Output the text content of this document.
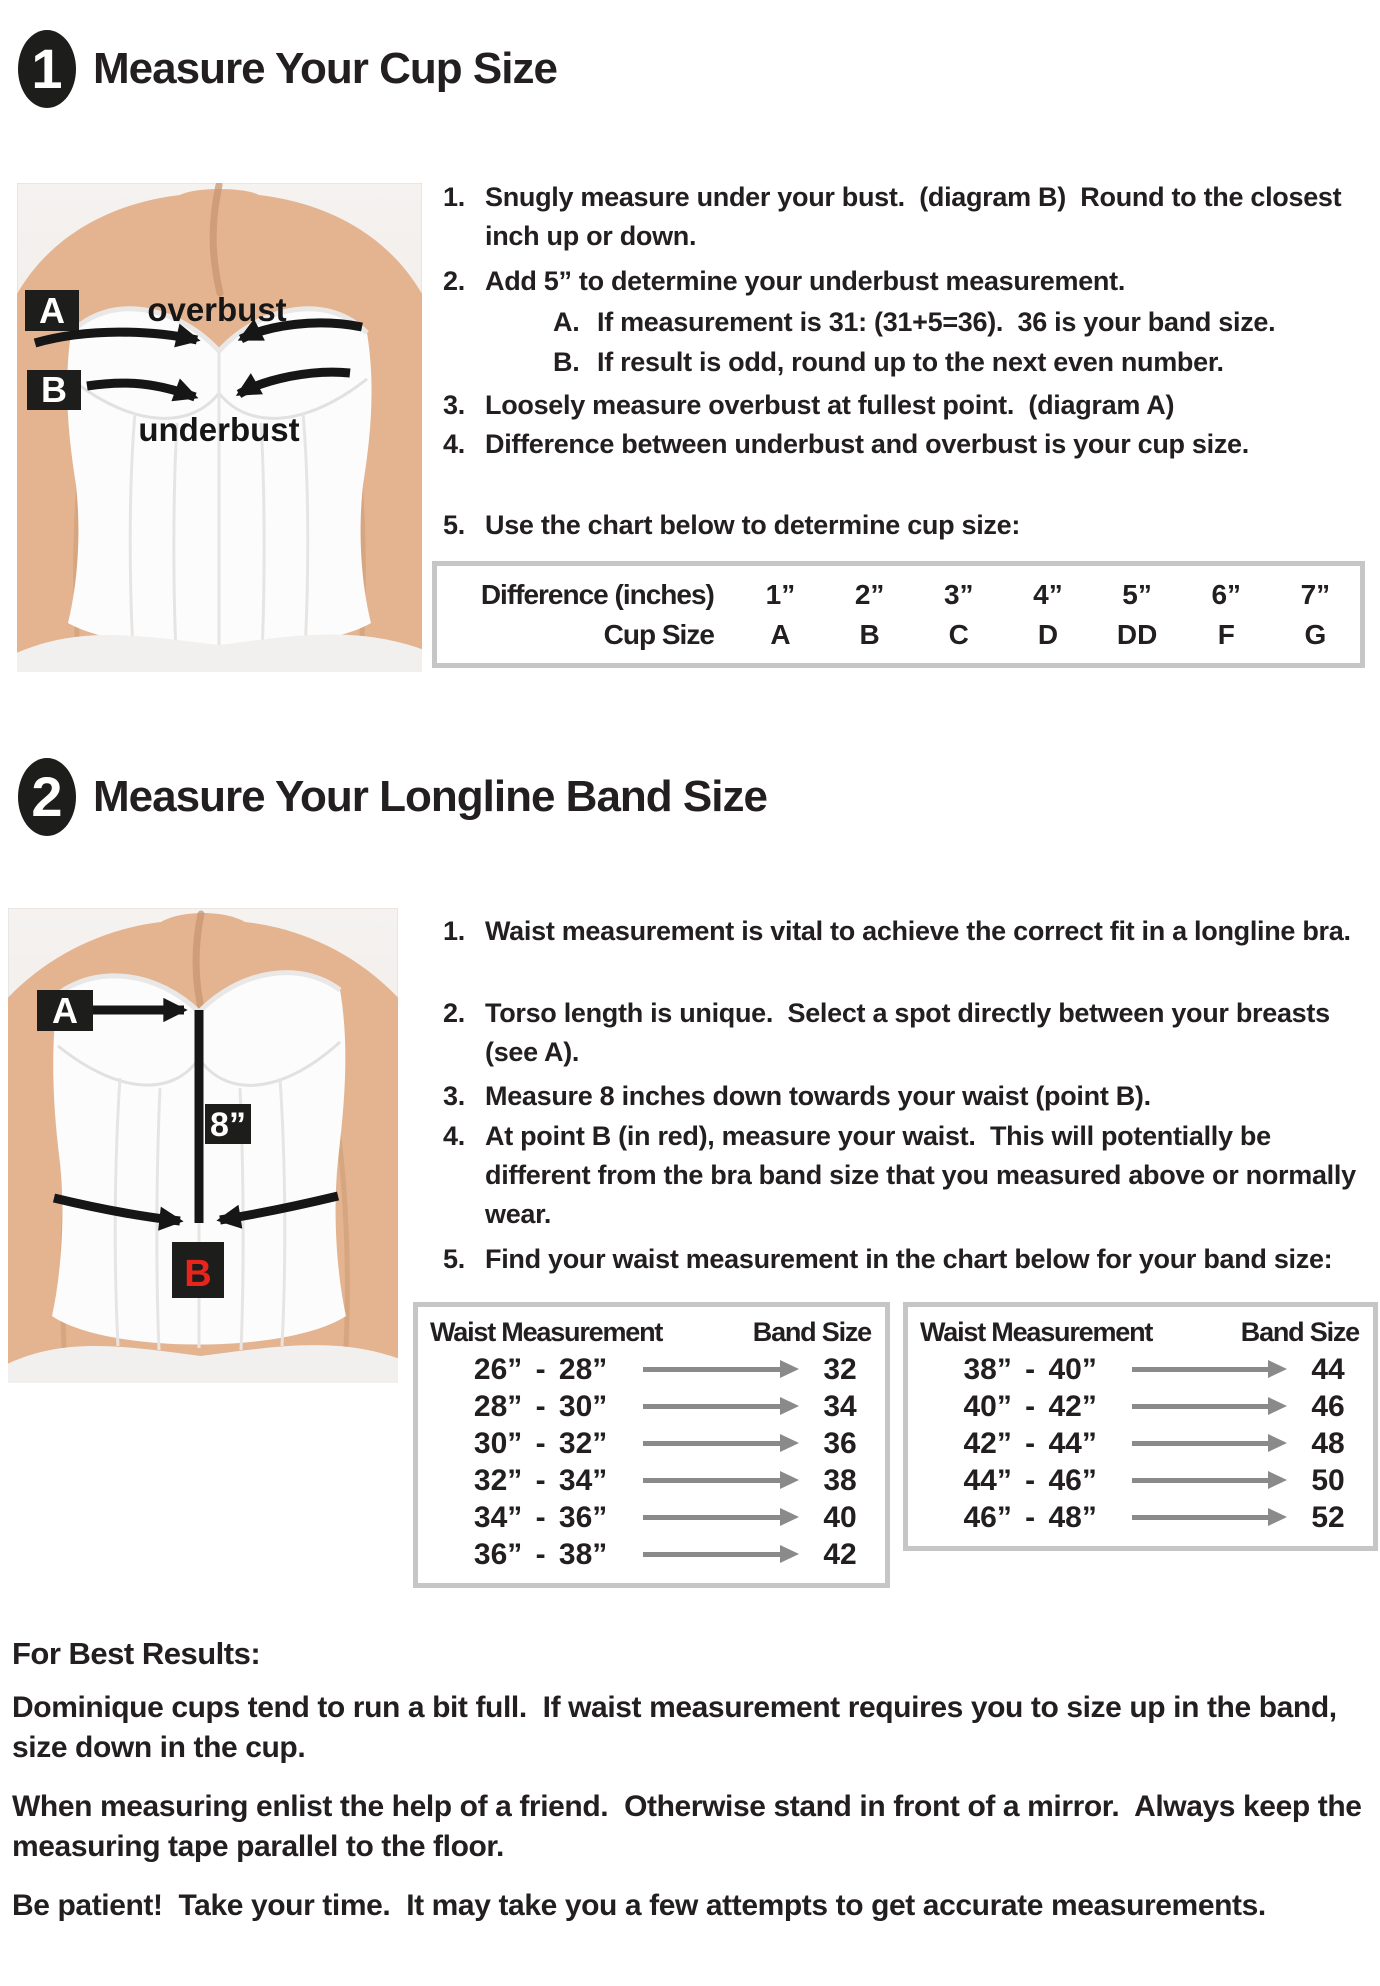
1 Measure Your Cup Size
A overbust
B
underbust
1. Snugly measure under your bust.  (diagram B)  Round to the closest inch up or down.
2. Add 5” to determine your underbust measurement.
A. If measurement is 31: (31+5=36).  36 is your band size.
B. If result is odd, round up to the next even number.
3. Loosely measure overbust at fullest point.  (diagram A)
4. Difference between underbust and overbust is your cup size.
5. Use the chart below to determine cup size:
Difference (inches)	1”	2”	3”	4”	5”	6”	7”
Cup Size	A	B	C	D	DD	F	G
2 Measure Your Longline Band Size
A
8”
B
1. Waist measurement is vital to achieve the correct fit in a longline bra.
2. Torso length is unique.  Select a spot directly between your breasts  (see A).
3. Measure 8 inches down towards your waist (point B).
4. At point B (in red), measure your waist.  This will potentially be different from the bra band size that you measured above or normally wear.
5. Find your waist measurement in the chart below for your band size:
Waist Measurement	Band Size
26” - 28”	32
28” - 30”	34
30” - 32”	36
32” - 34”	38
34” - 36”	40
36” - 38”	42
Waist Measurement	Band Size
38” - 40”	44
40” - 42”	46
42” - 44”	48
44” - 46”	50
46” - 48”	52
For Best Results:

Dominique cups tend to run a bit full.  If waist measurement requires you to size up in the band, size down in the cup.

When measuring enlist the help of a friend.  Otherwise stand in front of a mirror.  Always keep the measuring tape parallel to the floor.

Be patient!  Take your time.  It may take you a few attempts to get accurate measurements.
